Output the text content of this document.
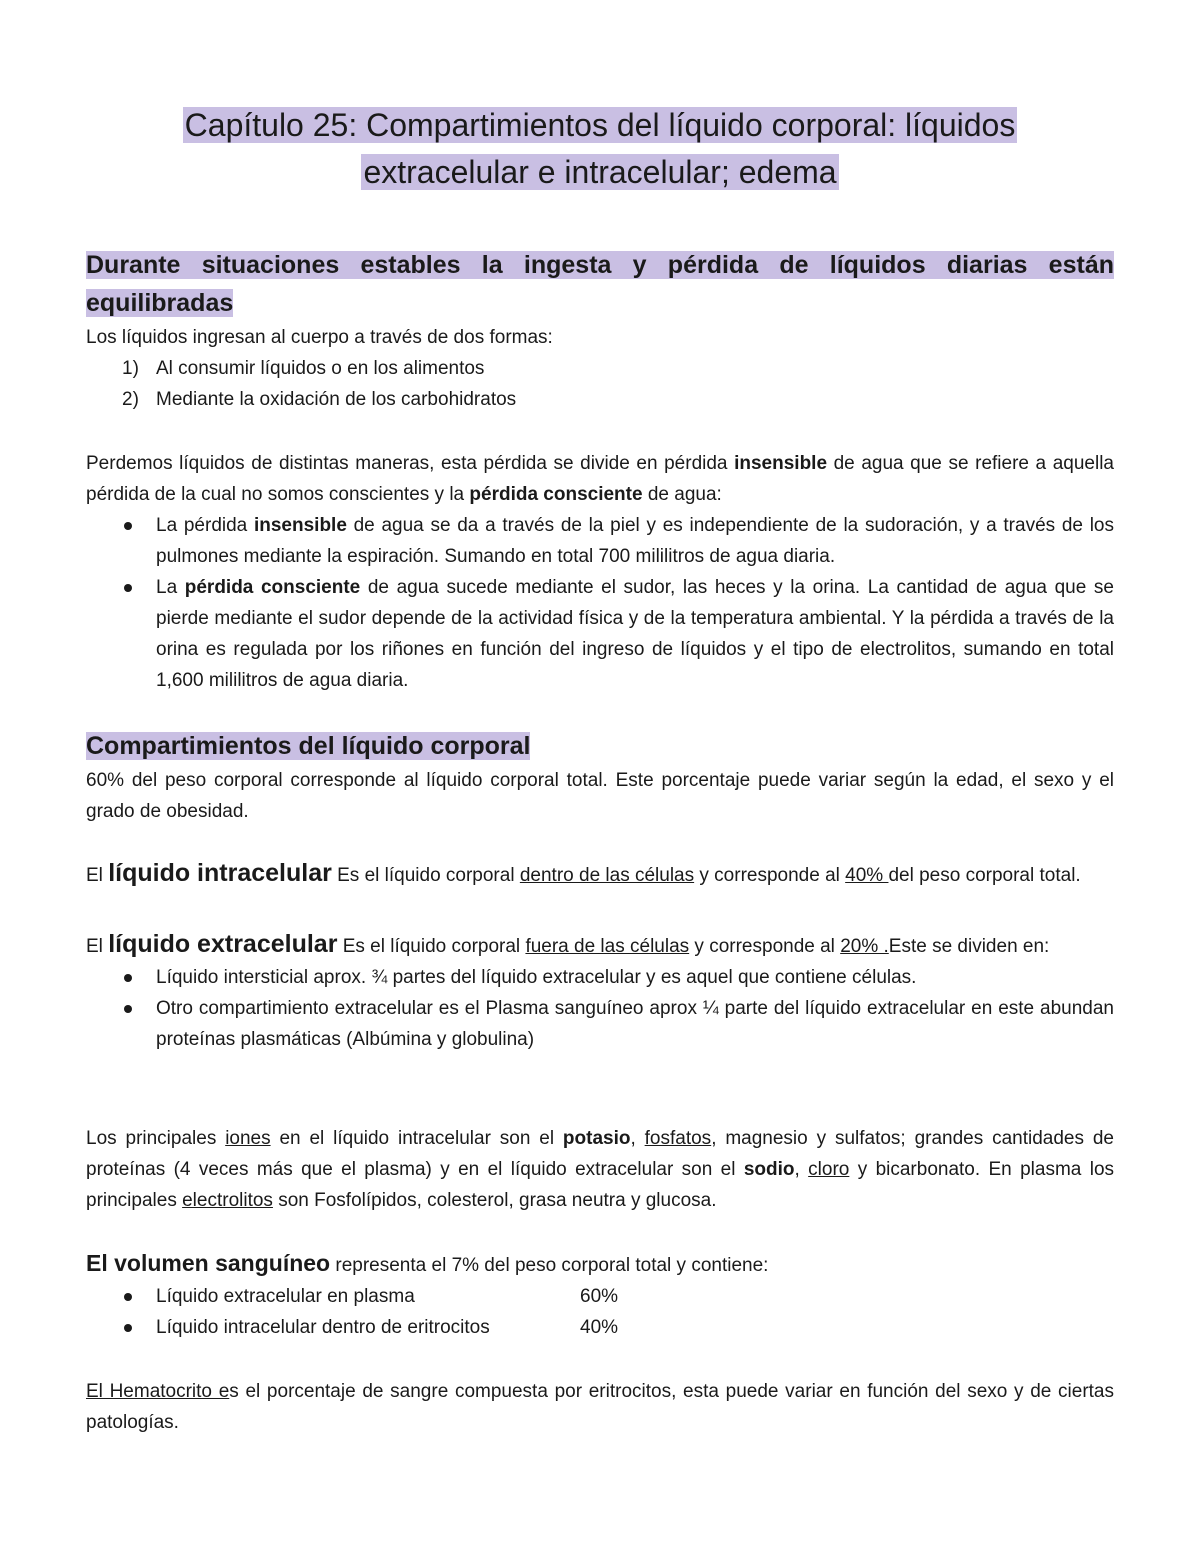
Capítulo 25: Compartimientos del líquido corporal: líquidos

extracelular e intracelular; edema

Durante situaciones estables la ingesta y pérdida de líquidos diarias están

equilibradas

Los líquidos ingresan al cuerpo a través de dos formas:

1) Al consumir líquidos o en los alimentos
2) Mediante la oxidación de los carbohidratos

Perdemos líquidos de distintas maneras, esta pérdida se divide en pérdida insensible de agua que se refiere a aquella pérdida de la cual no somos conscientes y la pérdida consciente de agua:

La pérdida insensible de agua se da a través de la piel y es independiente de la sudoración, y a través de los pulmones mediante la espiración. Sumando en total 700 mililitros de agua diaria.
La pérdida consciente de agua sucede mediante el sudor, las heces y la orina. La cantidad de agua que se pierde mediante el sudor depende de la actividad física y de la temperatura ambiental. Y la pérdida a través de la orina es regulada por los riñones en función del ingreso de líquidos y el tipo de electrolitos, sumando en total 1,600 mililitros de agua diaria.

Compartimientos del líquido corporal

60% del peso corporal corresponde al líquido corporal total. Este porcentaje puede variar según la edad, el sexo y el grado de obesidad.

El líquido intracelular Es el líquido corporal dentro de las células y corresponde al 40% del peso corporal total.

El líquido extracelular Es el líquido corporal fuera de las células y corresponde al 20% .Este se dividen en:

Líquido intersticial aprox. ¾ partes del líquido extracelular y es aquel que contiene células.
Otro compartimiento extracelular es el Plasma sanguíneo aprox ¼ parte del líquido extracelular en este abundan proteínas plasmáticas (Albúmina y globulina)

Los principales iones en el líquido intracelular son el potasio, fosfatos, magnesio y sulfatos; grandes cantidades de proteínas (4 veces más que el plasma) y en el líquido extracelular son el sodio, cloro y bicarbonato. En plasma los principales electrolitos son Fosfolípidos, colesterol, grasa neutra y glucosa.

El volumen sanguíneo representa el 7% del peso corporal total y contiene:

Líquido extracelular en plasma	60%
Líquido intracelular dentro de eritrocitos	40%

El Hematocrito es el porcentaje de sangre compuesta por eritrocitos, esta puede variar en función del sexo y de ciertas patologías.
